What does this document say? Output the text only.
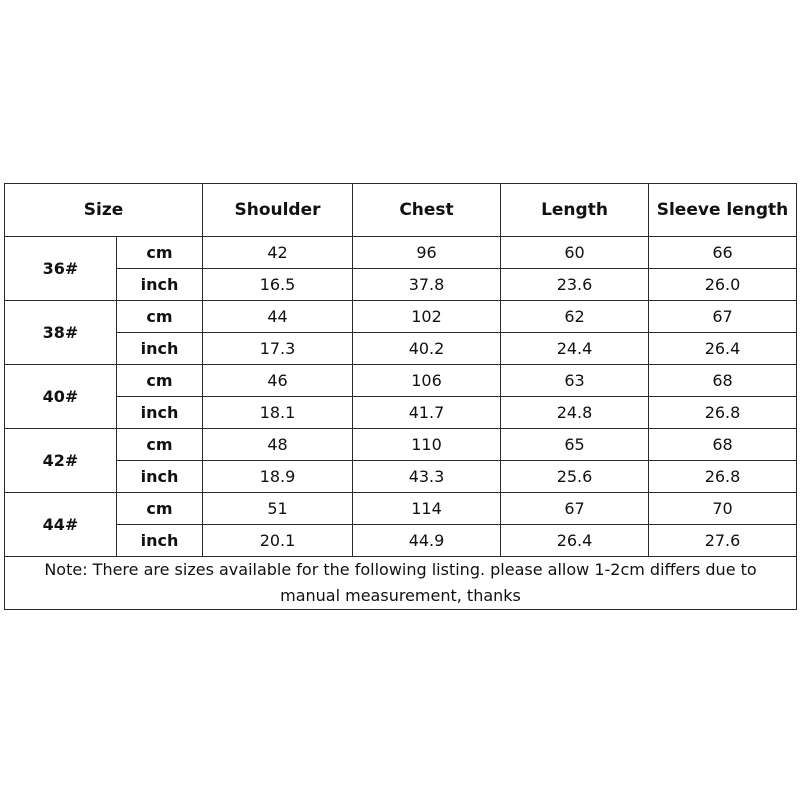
Size		Shoulder	Chest	Length	Sleeve length
36#	cm	42	96	60	66
	inch	16.5	37.8	23.6	26.0
38#	cm	44	102	62	67
	inch	17.3	40.2	24.4	26.4
40#	cm	46	106	63	68
	inch	18.1	41.7	24.8	26.8
42#	cm	48	110	65	68
	inch	18.9	43.3	25.6	26.8
44#	cm	51	114	67	70
	inch	20.1	44.9	26.4	27.6
Note: There are sizes available for the following listing. please allow 1-2cm differs due to manual measurement, thanks					
